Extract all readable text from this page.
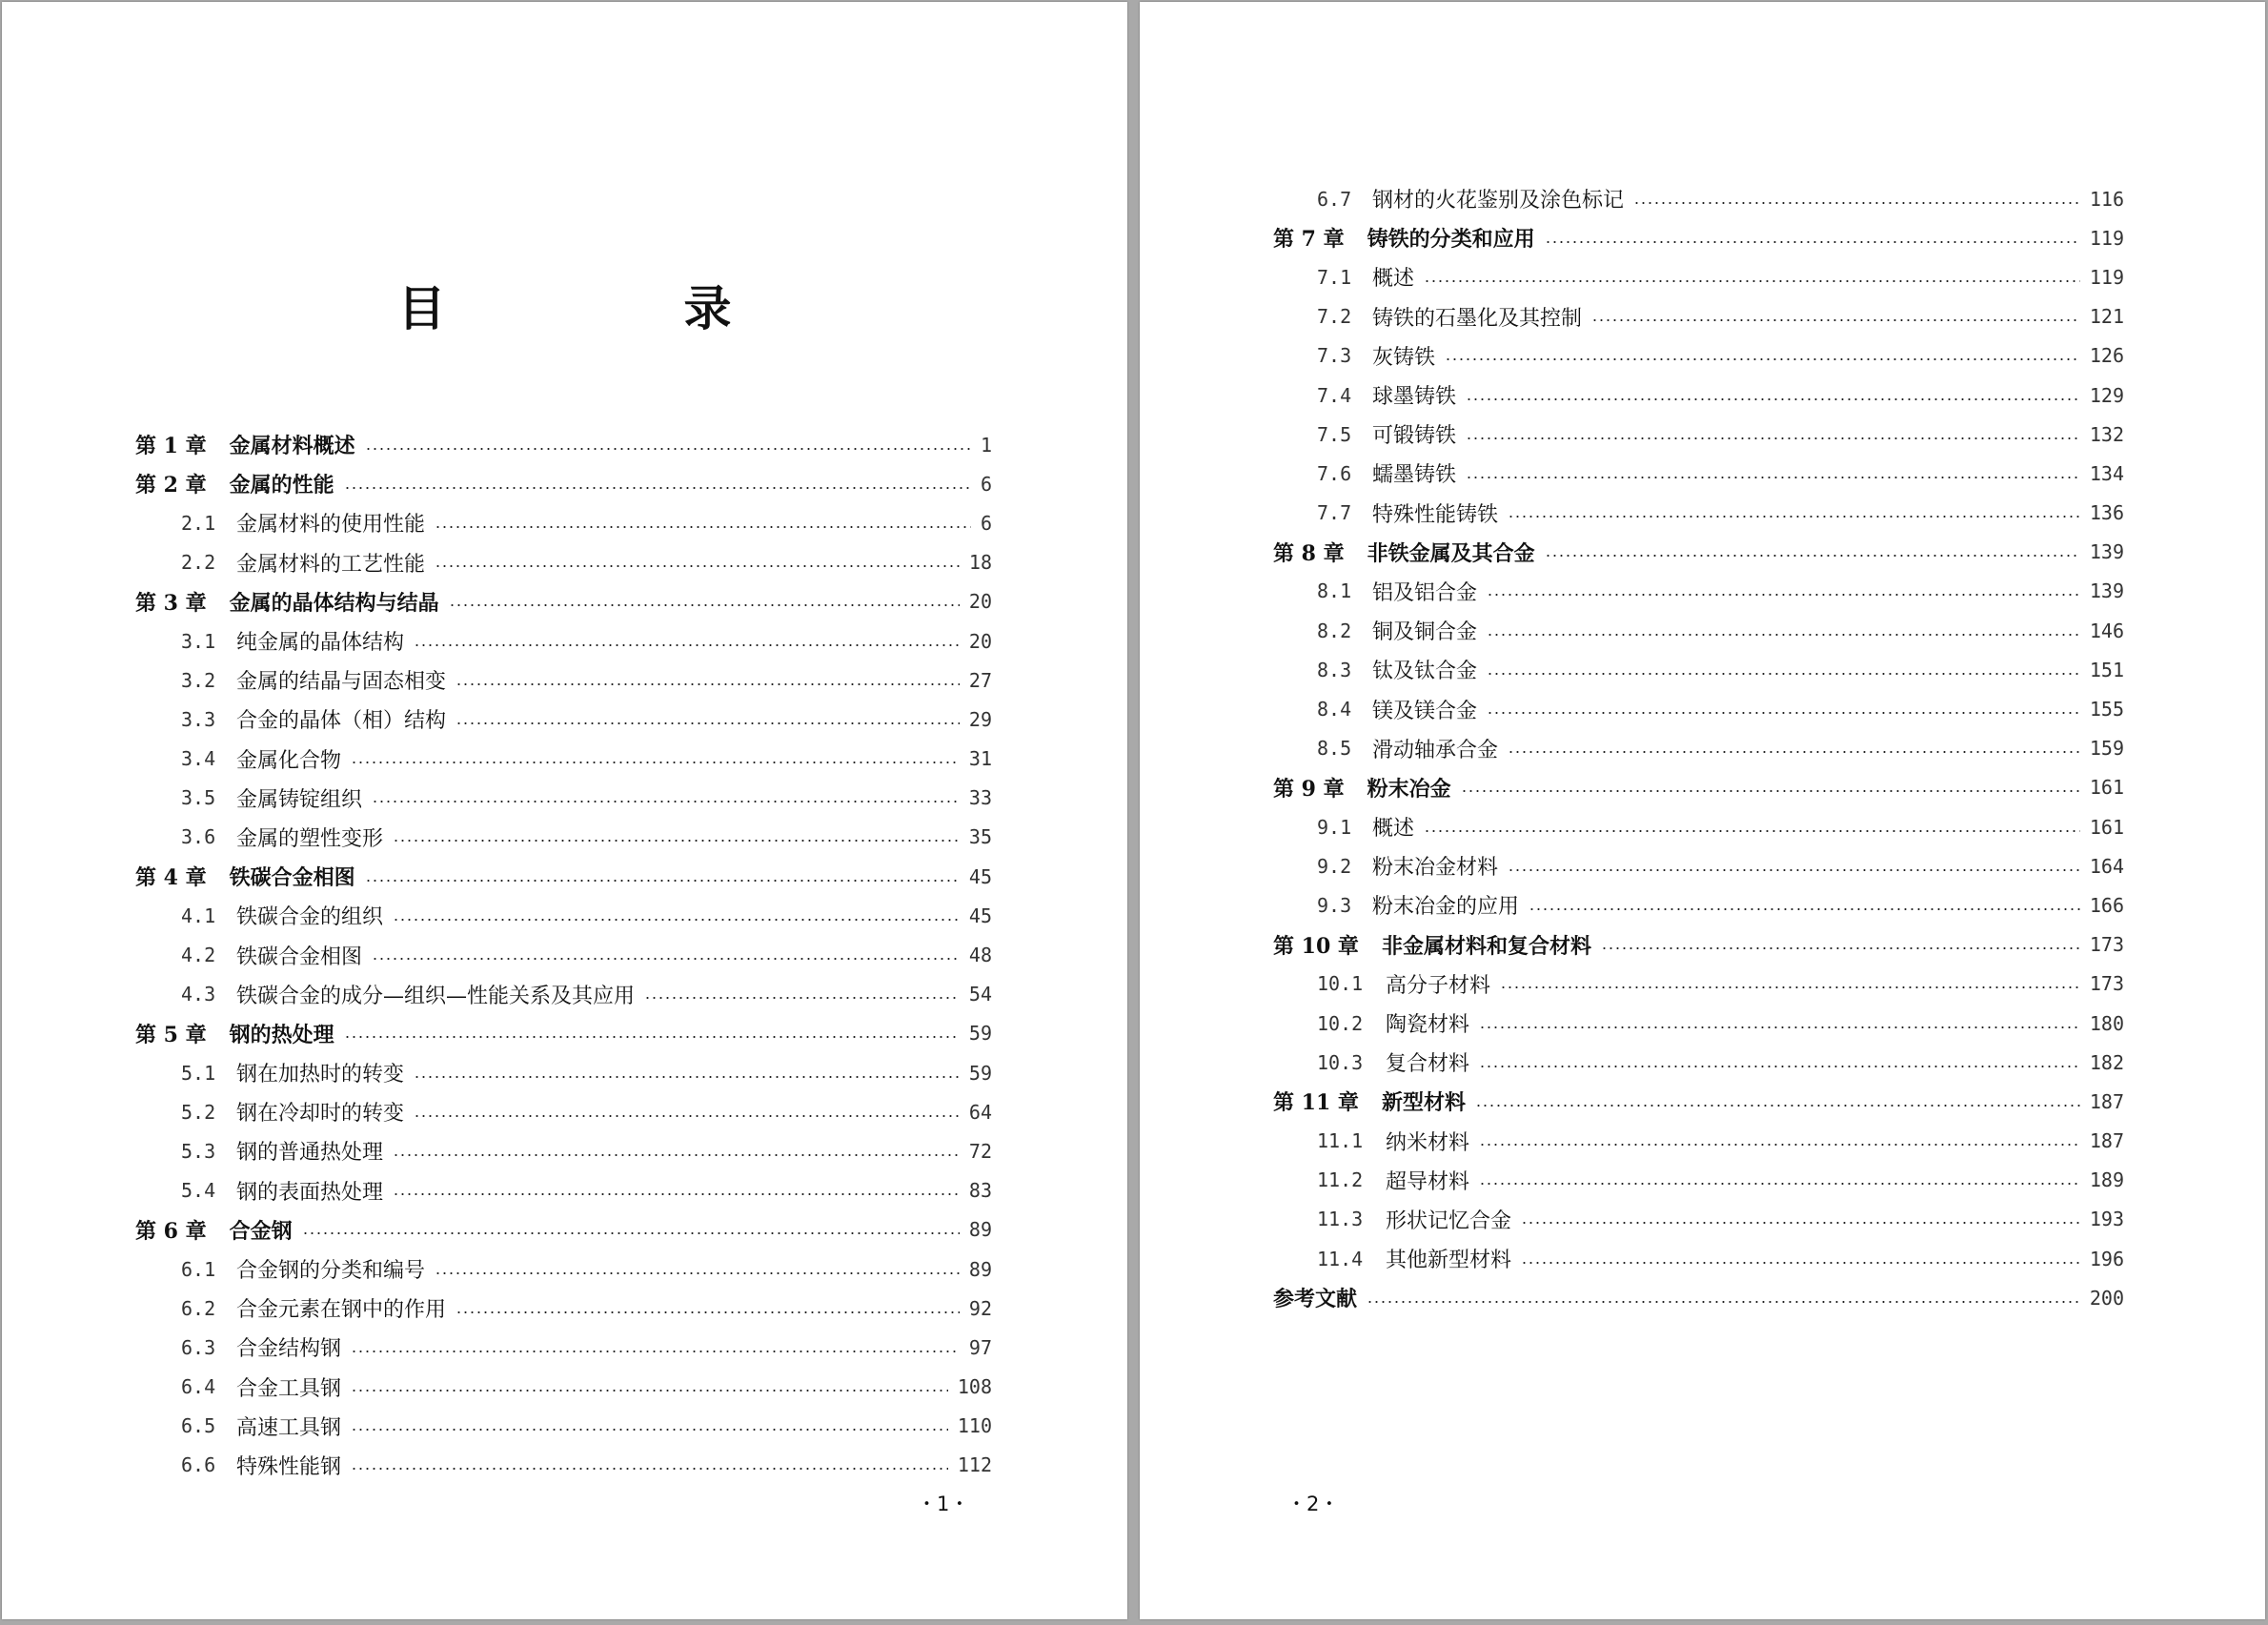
目　录
第 1 章 金属材料概述	1
第 2 章 金属的性能	6
2.1 金属材料的使用性能	6
2.2 金属材料的工艺性能	18
第 3 章 金属的晶体结构与结晶	20
3.1 纯金属的晶体结构	20
3.2 金属的结晶与固态相变	27
3.3 合金的晶体（相）结构	29
3.4 金属化合物	31
3.5 金属铸锭组织	33
3.6 金属的塑性变形	35
第 4 章 铁碳合金相图	45
4.1 铁碳合金的组织	45
4.2 铁碳合金相图	48
4.3 铁碳合金的成分—组织—性能关系及其应用	54
第 5 章 钢的热处理	59
5.1 钢在加热时的转变	59
5.2 钢在冷却时的转变	64
5.3 钢的普通热处理	72
5.4 钢的表面热处理	83
第 6 章 合金钢	89
6.1 合金钢的分类和编号	89
6.2 合金元素在钢中的作用	92
6.3 合金结构钢	97
6.4 合金工具钢	108
6.5 高速工具钢	110
6.6 特殊性能钢	112
・1・
6.7 钢材的火花鉴别及涂色标记	116
第 7 章 铸铁的分类和应用	119
7.1 概述	119
7.2 铸铁的石墨化及其控制	121
7.3 灰铸铁	126
7.4 球墨铸铁	129
7.5 可锻铸铁	132
7.6 蠕墨铸铁	134
7.7 特殊性能铸铁	136
第 8 章 非铁金属及其合金	139
8.1 铝及铝合金	139
8.2 铜及铜合金	146
8.3 钛及钛合金	151
8.4 镁及镁合金	155
8.5 滑动轴承合金	159
第 9 章 粉末冶金	161
9.1 概述	161
9.2 粉末冶金材料	164
9.3 粉末冶金的应用	166
第 10 章 非金属材料和复合材料	173
10.1	高分子材料	173
10.2	陶瓷材料	180
10.3	复合材料	182
第 11 章 新型材料	187
11.1	纳米材料	187
11.2	超导材料	189
11.3	形状记忆合金	193
11.4	其他新型材料	196
参考文献	200
・2・
